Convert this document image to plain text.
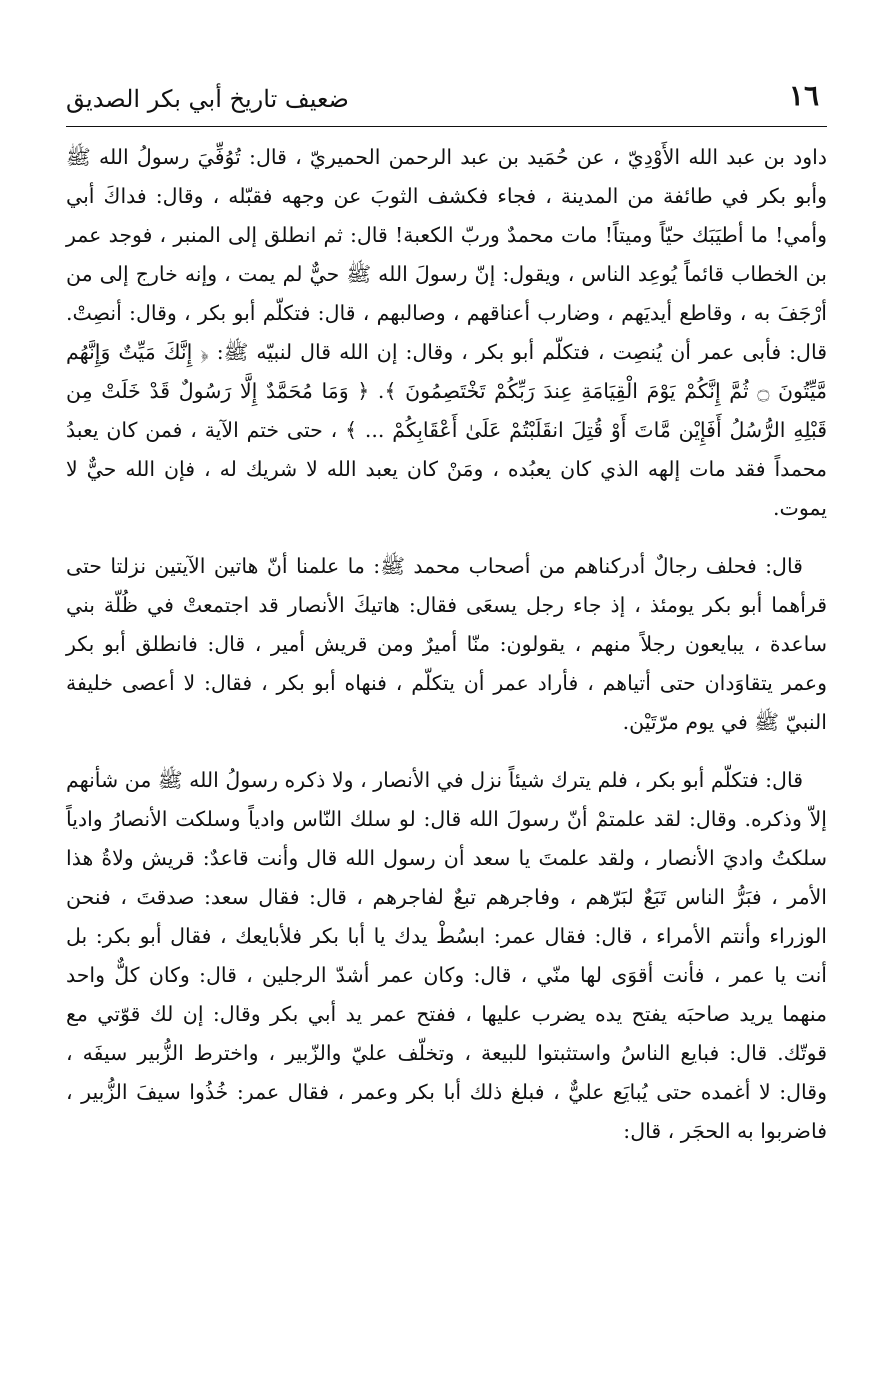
١٦
ضعيف تاريخ أبي بكر الصديق

داود بن عبد الله الأَوْدِيّ ، عن حُمَيد بن عبد الرحمن الحميريّ ، قال: تُوُفِّيَ رسولُ الله ﷺ وأبو بكر في طائفة من المدينة ، فجاء فكشف الثوبَ عن وجهه فقبّله ، وقال: فداكَ أبي وأمي! ما أطيَبَك حيّاً وميتاً! مات محمدٌ وربّ الكعبة! قال: ثم انطلق إلى المنبر ، فوجد عمر بن الخطاب قائماً يُوعِد الناس ، ويقول: إنّ رسولَ الله ﷺ حيٌّ لم يمت ، وإنه خارج إلى من أرْجَفَ به ، وقاطع أيديَهم ، وضارب أعناقهم ، وصالبهم ، قال: فتكلّم أبو بكر ، وقال: أنصِتْ. قال: فأبى عمر أن يُنصِت ، فتكلّم أبو بكر ، وقال: إن الله قال لنبيّه ﷺ: ﴿ إِنَّكَ مَيِّتٌ وَإِنَّهُم مَّيِّتُونَ ۝ ثُمَّ إِنَّكُمْ يَوْمَ الْقِيَامَةِ عِندَ رَبِّكُمْ تَخْتَصِمُونَ ﴾. ﴿ وَمَا مُحَمَّدٌ إِلَّا رَسُولٌ قَدْ خَلَتْ مِن قَبْلِهِ الرُّسُلُ أَفَإِيْن مَّاتَ أَوْ قُتِلَ انقَلَبْتُمْ عَلَىٰ أَعْقَابِكُمْ ... ﴾ ، حتى ختم الآية ، فمن كان يعبدُ محمداً فقد مات إلهه الذي كان يعبُده ، ومَنْ كان يعبد الله لا شريك له ، فإن الله حيٌّ لا يموت.

قال: فحلف رجالٌ أدركناهم من أصحاب محمد ﷺ: ما علمنا أنّ هاتين الآيتين نزلتا حتى قرأهما أبو بكر يومئذ ، إذ جاء رجل يسعَى فقال: هاتيكَ الأنصار قد اجتمعتْ في ظُلّة بني ساعدة ، يبايعون رجلاً منهم ، يقولون: منّا أميرٌ ومن قريش أمير ، قال: فانطلق أبو بكر وعمر يتقاوَدان حتى أتياهم ، فأراد عمر أن يتكلّم ، فنهاه أبو بكر ، فقال: لا أعصى خليفة النبيّ ﷺ في يوم مرّتَيْن.

قال: فتكلّم أبو بكر ، فلم يترك شيئاً نزل في الأنصار ، ولا ذكره رسولُ الله ﷺ من شأنهم إلاّ وذكره. وقال: لقد علمتمْ أنّ رسولَ الله قال: لو سلك النّاس وادياً وسلكت الأنصارُ وادياً سلكتُ واديَ الأنصار ، ولقد علمتَ يا سعد أن رسول الله قال وأنت قاعدٌ: قريش ولاةُ هذا الأمر ، فبَرُّ الناس تَبَعٌ لبَرّهم ، وفاجرهم تبعٌ لفاجرهم ، قال: فقال سعد: صدقتَ ، فنحن الوزراء وأنتم الأمراء ، قال: فقال عمر: ابسُطْ يدك يا أبا بكر فلأبايعك ، فقال أبو بكر: بل أنت يا عمر ، فأنت أقوَى لها منّي ، قال: وكان عمر أشدّ الرجلين ، قال: وكان كلٌّ واحد منهما يريد صاحبَه يفتح يده يضرب عليها ، ففتح عمر يد أبي بكر وقال: إن لك قوّتي مع قوتّك. قال: فبايع الناسُ واستثبتوا للبيعة ، وتخلّف عليّ والزّبير ، واخترط الزُّبير سيفَه ، وقال: لا أغمده حتى يُبايَع عليٌّ ، فبلغ ذلك أبا بكر وعمر ، فقال عمر: خُذُوا سيفَ الزُّبير ، فاضربوا به الحجَر ، قال:
